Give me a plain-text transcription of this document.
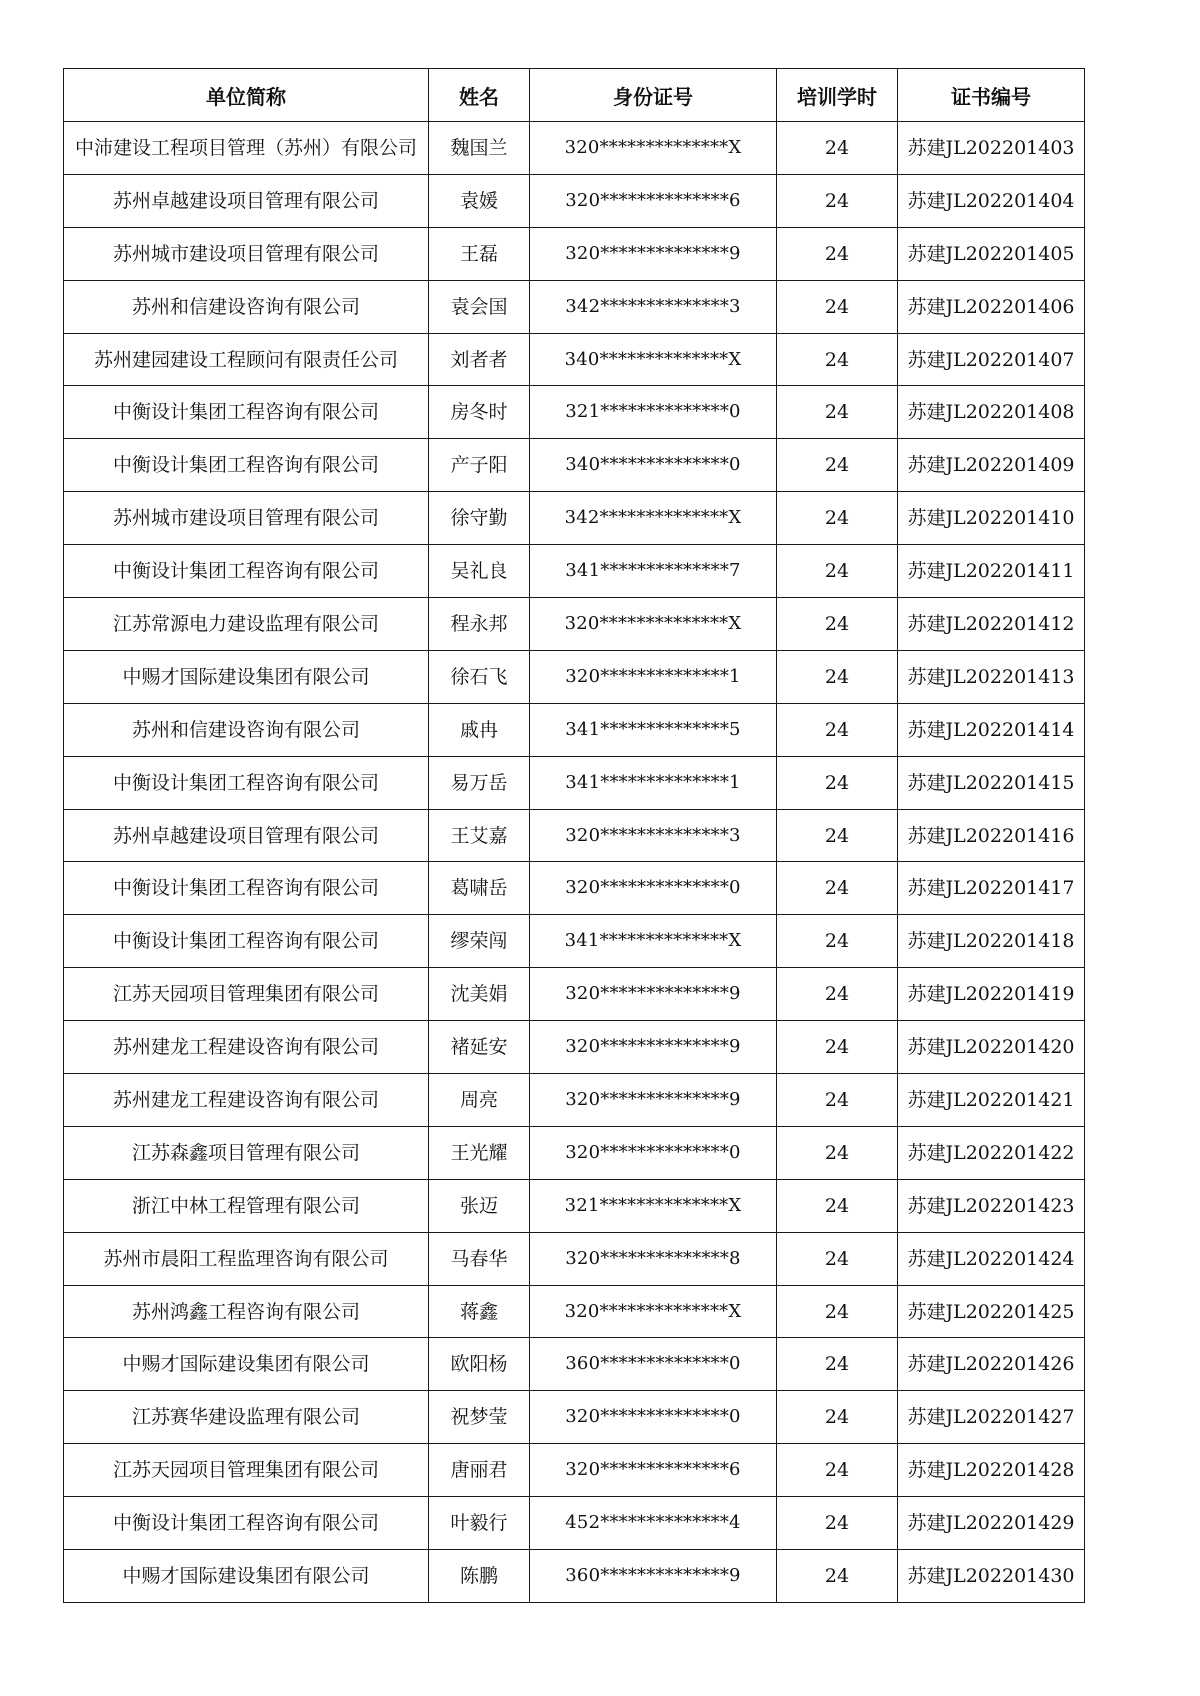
单位简称	姓名	身份证号	培训学时	证书编号
中沛建设工程项目管理（苏州）有限公司	魏国兰	320**************X	24	苏建JL202201403
苏州卓越建设项目管理有限公司	袁媛	320**************6	24	苏建JL202201404
苏州城市建设项目管理有限公司	王磊	320**************9	24	苏建JL202201405
苏州和信建设咨询有限公司	袁会国	342**************3	24	苏建JL202201406
苏州建园建设工程顾问有限责任公司	刘者者	340**************X	24	苏建JL202201407
中衡设计集团工程咨询有限公司	房冬时	321**************0	24	苏建JL202201408
中衡设计集团工程咨询有限公司	产子阳	340**************0	24	苏建JL202201409
苏州城市建设项目管理有限公司	徐守勤	342**************X	24	苏建JL202201410
中衡设计集团工程咨询有限公司	吴礼良	341**************7	24	苏建JL202201411
江苏常源电力建设监理有限公司	程永邦	320**************X	24	苏建JL202201412
中赐才国际建设集团有限公司	徐石飞	320**************1	24	苏建JL202201413
苏州和信建设咨询有限公司	戚冉	341**************5	24	苏建JL202201414
中衡设计集团工程咨询有限公司	易万岳	341**************1	24	苏建JL202201415
苏州卓越建设项目管理有限公司	王艾嘉	320**************3	24	苏建JL202201416
中衡设计集团工程咨询有限公司	葛啸岳	320**************0	24	苏建JL202201417
中衡设计集团工程咨询有限公司	缪荣闯	341**************X	24	苏建JL202201418
江苏天园项目管理集团有限公司	沈美娟	320**************9	24	苏建JL202201419
苏州建龙工程建设咨询有限公司	褚延安	320**************9	24	苏建JL202201420
苏州建龙工程建设咨询有限公司	周亮	320**************9	24	苏建JL202201421
江苏森鑫项目管理有限公司	王光耀	320**************0	24	苏建JL202201422
浙江中林工程管理有限公司	张迈	321**************X	24	苏建JL202201423
苏州市晨阳工程监理咨询有限公司	马春华	320**************8	24	苏建JL202201424
苏州鸿鑫工程咨询有限公司	蒋鑫	320**************X	24	苏建JL202201425
中赐才国际建设集团有限公司	欧阳杨	360**************0	24	苏建JL202201426
江苏赛华建设监理有限公司	祝梦莹	320**************0	24	苏建JL202201427
江苏天园项目管理集团有限公司	唐丽君	320**************6	24	苏建JL202201428
中衡设计集团工程咨询有限公司	叶毅行	452**************4	24	苏建JL202201429
中赐才国际建设集团有限公司	陈鹏	360**************9	24	苏建JL202201430
